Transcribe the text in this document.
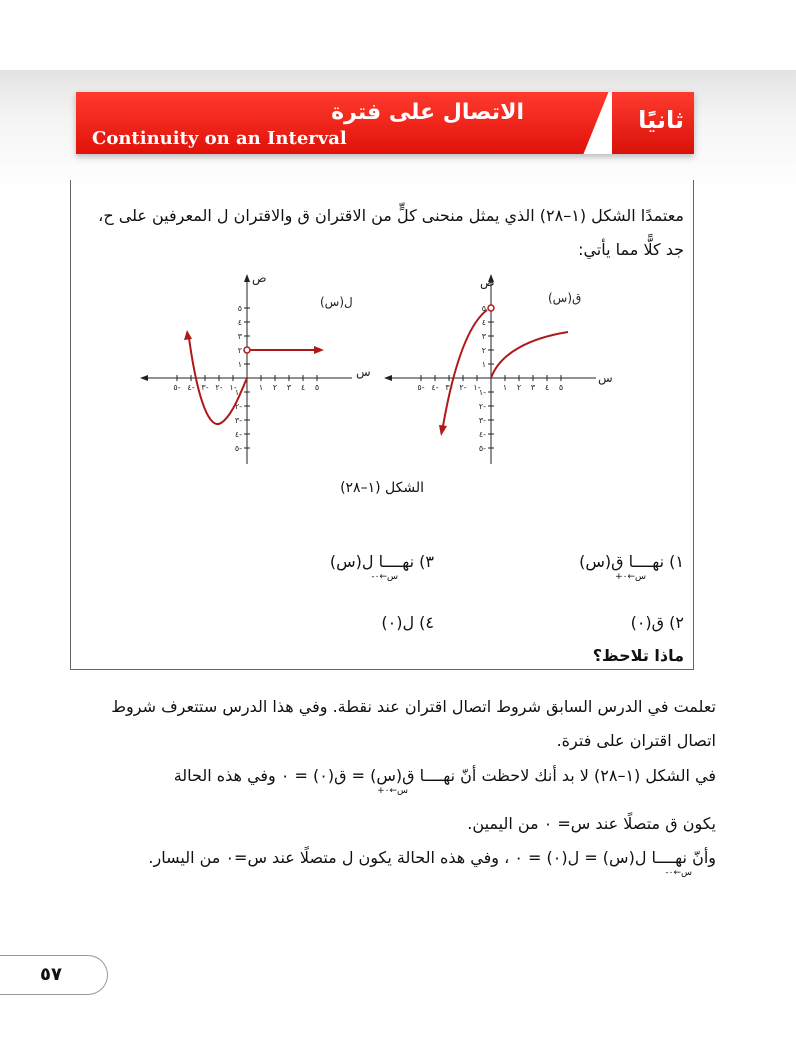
الاتصال على فترة
Continuity on an Interval
ثانيًا
معتمدًا الشكل (١–٢٨) الذي يمثل منحنى كلٍّ من الاقتران ق والاقتران ل المعرفين على ح،
جد كلًّا مما يأتي:
٥- ٤- ٣- ٢- ١-	١ ٢ ٣ ٤ ٥
٥
٤
٣
٢
١
١-
٢-
٣-
٤-
٥-
س
ص
ل(س)
٥- ٤- ٣- ٢- ١-	١ ٢ ٣ ٤ ٥
٥
٤
٣
٢
١
١-
٢-
٣-
٤-
٥-
س
ص
ق(س)
الشكل (١–٢٨)
١) نهــــا ق(س)
س←٠+
٣) نهــــا ل(س)
س←٠-
٢) ق(٠)
٤) ل(٠)
ماذا تلاحظ؟
تعلمت في الدرس السابق شروط اتصال اقتران عند نقطة. وفي هذا الدرس ستتعرف شروط
اتصال اقتران على فترة.
في الشكل (١–٢٨) لا بد أنك لاحظت أنّ نهــــا ق(س) = ق(٠) = ٠ وفي هذه الحالة
س←٠+
يكون ق متصلًا عند س= ٠ من اليمين.
وأنّ نهــــا ل(س) = ل(٠) = ٠ ، وفي هذه الحالة يكون ل متصلًا عند س=٠ من اليسار.
س←٠-
٥٧
